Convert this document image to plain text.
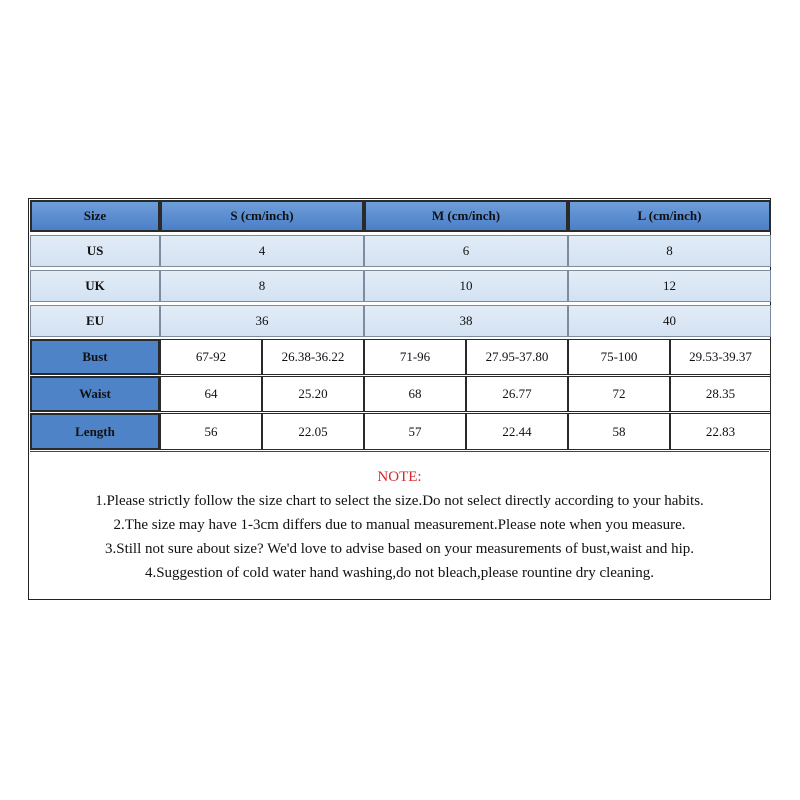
Size	S (cm/inch)	M (cm/inch)	L (cm/inch)
US	4	6	8
UK	8	10	12
EU	36	38	40
Bust	67-92	26.38-36.22	71-96	27.95-37.80	75-100	29.53-39.37
Waist	64	25.20	68	26.77	72	28.35
Length	56	22.05	57	22.44	58	22.83
NOTE:
1.Please strictly follow the size chart to select the size.Do not select directly according to your habits.
2.The size may have 1-3cm differs due to manual measurement.Please note when you measure.
3.Still not sure about size? We'd love to advise based on your measurements of bust,waist and hip.
4.Suggestion of cold water hand washing,do not bleach,please rountine dry cleaning.
